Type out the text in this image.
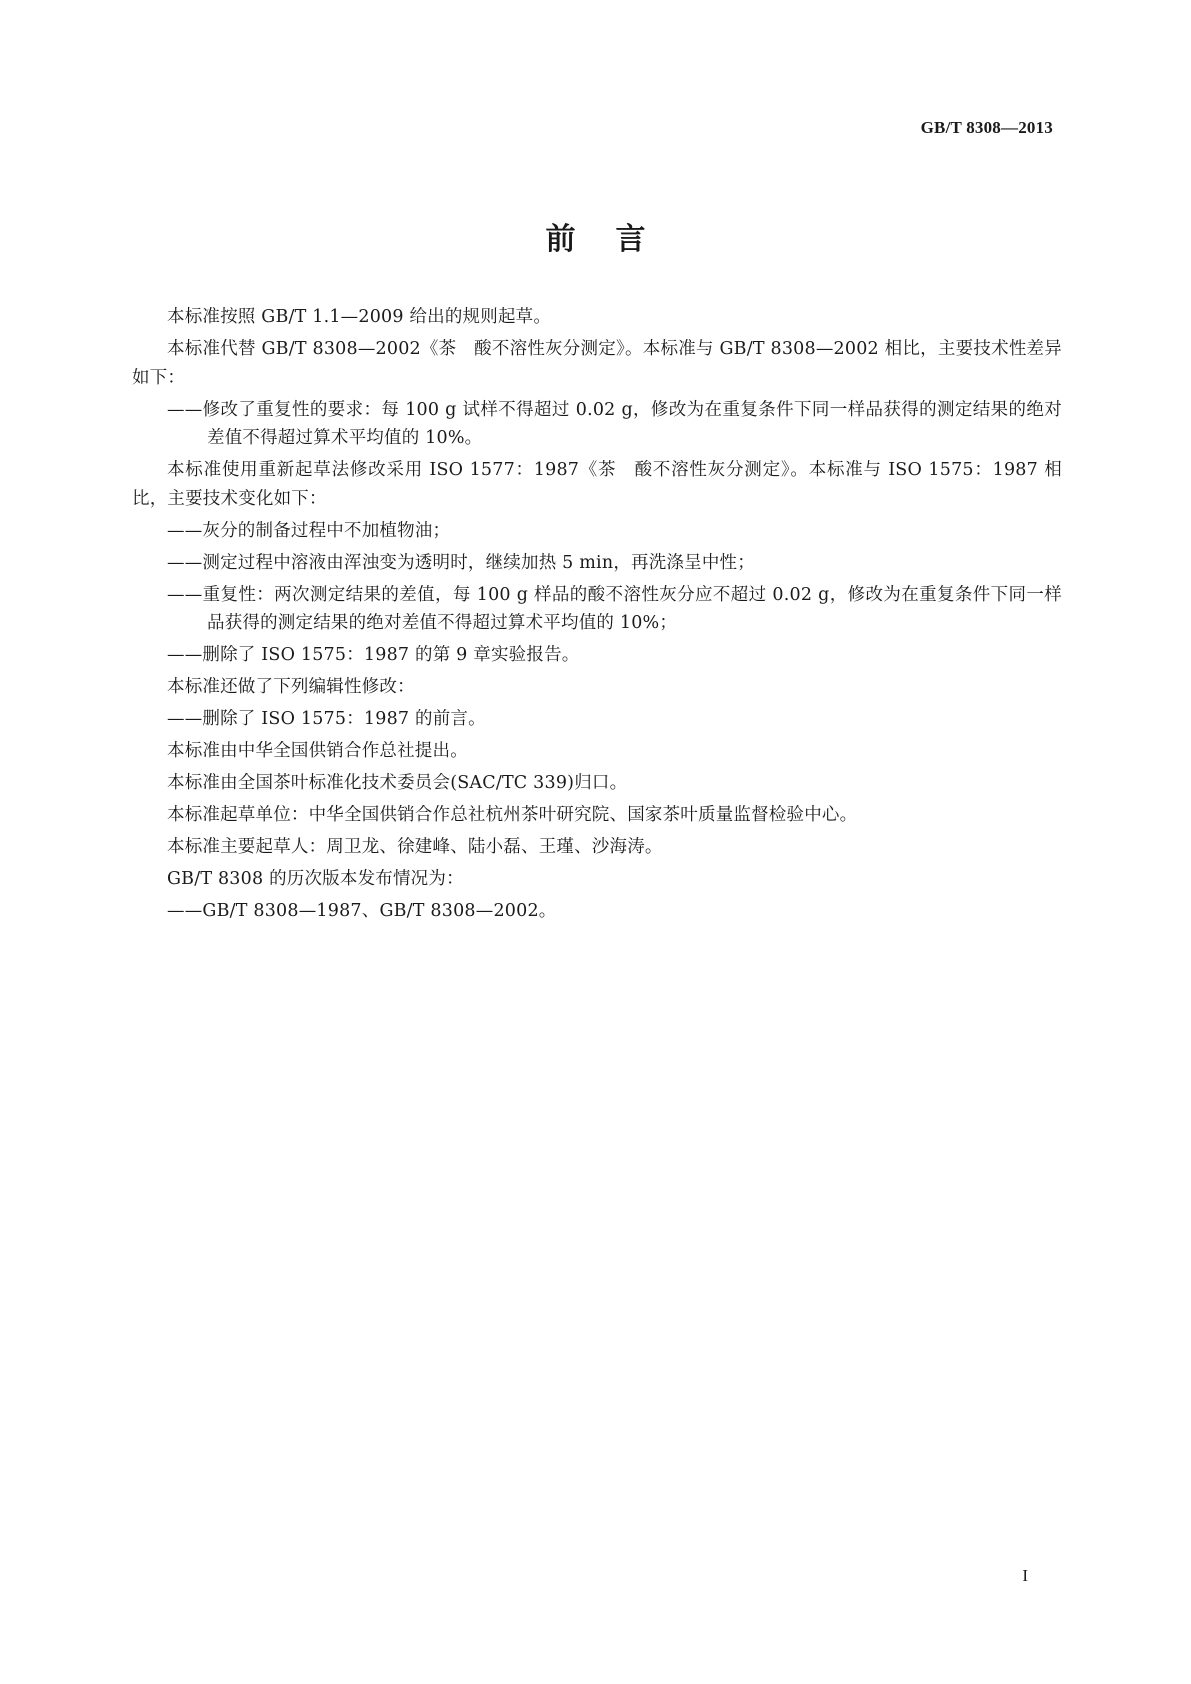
GB/T 8308—2013
前言

本标准按照 GB/T 1.1—2009 给出的规则起草。

本标准代替 GB/T 8308—2002《茶　酸不溶性灰分测定》。本标准与 GB/T 8308—2002 相比，主要技术性差异如下：

——修改了重复性的要求：每 100 g 试样不得超过 0.02 g，修改为在重复条件下同一样品获得的测定结果的绝对差值不得超过算术平均值的 10%。

本标准使用重新起草法修改采用 ISO 1577：1987《茶　酸不溶性灰分测定》。本标准与 ISO 1575：1987 相比，主要技术变化如下：

——灰分的制备过程中不加植物油；

——测定过程中溶液由浑浊变为透明时，继续加热 5 min，再洗涤呈中性；

——重复性：两次测定结果的差值，每 100 g 样品的酸不溶性灰分应不超过 0.02 g，修改为在重复条件下同一样品获得的测定结果的绝对差值不得超过算术平均值的 10%；

——删除了 ISO 1575：1987 的第 9 章实验报告。

本标准还做了下列编辑性修改：

——删除了 ISO 1575：1987 的前言。

本标准由中华全国供销合作总社提出。

本标准由全国茶叶标准化技术委员会(SAC/TC 339)归口。

本标准起草单位：中华全国供销合作总社杭州茶叶研究院、国家茶叶质量监督检验中心。

本标准主要起草人：周卫龙、徐建峰、陆小磊、王瑾、沙海涛。

GB/T 8308 的历次版本发布情况为：

——GB/T 8308—1987、GB/T 8308—2002。

I
